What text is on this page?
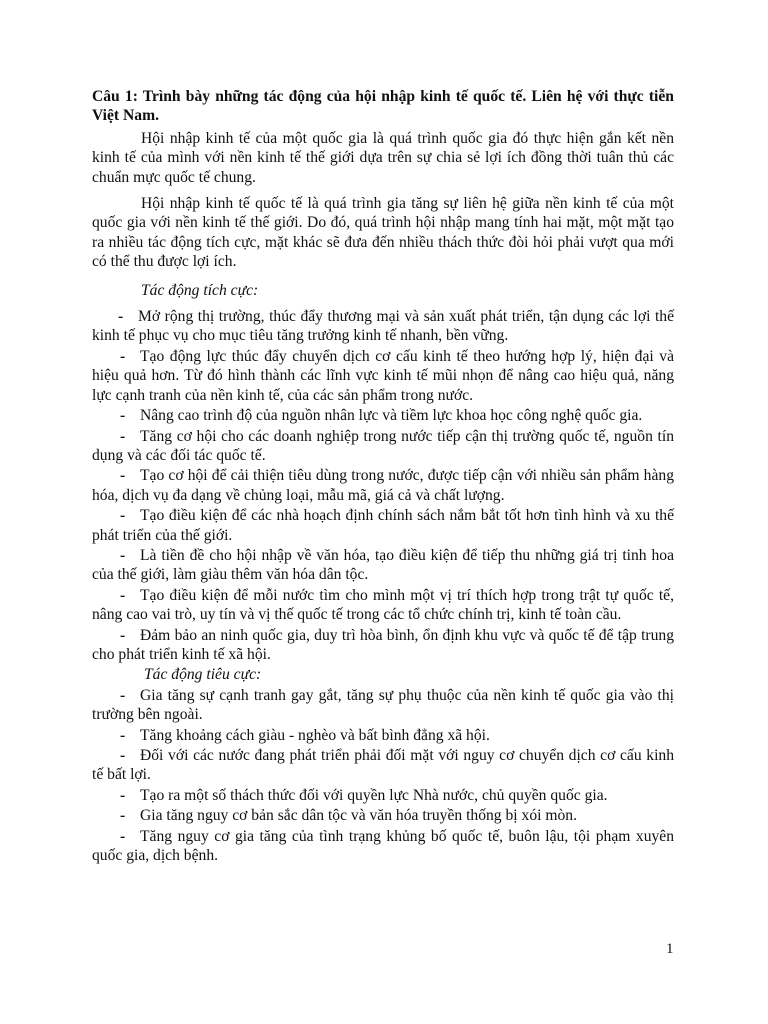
Câu 1: Trình bày những tác động của hội nhập kinh tế quốc tế. Liên hệ với thực tiễn Việt Nam.

Hội nhập kinh tế của một quốc gia là quá trình quốc gia đó thực hiện gắn kết nền kinh tế của mình với nền kinh tế thế giới dựa trên sự chia sẻ lợi ích đồng thời tuân thủ các chuẩn mực quốc tế chung.

Hội nhập kinh tế quốc tế là quá trình gia tăng sự liên hệ giữa nền kinh tế của một quốc gia với nền kinh tế thế giới. Do đó, quá trình hội nhập mang tính hai mặt, một mặt tạo ra nhiều tác động tích cực, mặt khác sẽ đưa đến nhiều thách thức đòi hỏi phải vượt qua mới có thể thu được lợi ích.

Tác động tích cực:

- Mở rộng thị trường, thúc đẩy thương mại và sản xuất phát triển, tận dụng các lợi thế kinh tế phục vụ cho mục tiêu tăng trưởng kinh tế nhanh, bền vững.
- Tạo động lực thúc đẩy chuyển dịch cơ cấu kinh tế theo hướng hợp lý, hiện đại và hiệu quả hơn. Từ đó hình thành các lĩnh vực kinh tế mũi nhọn để nâng cao hiệu quả, năng lực cạnh tranh của nền kinh tế, của các sản phẩm trong nước.
- Nâng cao trình độ của nguồn nhân lực và tiềm lực khoa học công nghệ quốc gia.
- Tăng cơ hội cho các doanh nghiệp trong nước tiếp cận thị trường quốc tế, nguồn tín dụng và các đối tác quốc tế.
- Tạo cơ hội để cải thiện tiêu dùng trong nước, được tiếp cận với nhiều sản phẩm hàng hóa, dịch vụ đa dạng về chủng loại, mẫu mã, giá cả và chất lượng.
- Tạo điều kiện để các nhà hoạch định chính sách nắm bắt tốt hơn tình hình và xu thế phát triển của thế giới.
- Là tiền đề cho hội nhập về văn hóa, tạo điều kiện để tiếp thu những giá trị tinh hoa của thế giới, làm giàu thêm văn hóa dân tộc.
- Tạo điều kiện để mỗi nước tìm cho mình một vị trí thích hợp trong trật tự quốc tế, nâng cao vai trò, uy tín và vị thế quốc tế trong các tổ chức chính trị, kinh tế toàn cầu.
- Đảm bảo an ninh quốc gia, duy trì hòa bình, ổn định khu vực và quốc tế để tập trung cho phát triển kinh tế xã hội.

Tác động tiêu cực:

- Gia tăng sự cạnh tranh gay gắt, tăng sự phụ thuộc của nền kinh tế quốc gia vào thị trường bên ngoài.
- Tăng khoảng cách giàu - nghèo và bất bình đẳng xã hội.
- Đối với các nước đang phát triển phải đối mặt với nguy cơ chuyển dịch cơ cấu kinh tế bất lợi.
- Tạo ra một số thách thức đối với quyền lực Nhà nước, chủ quyền quốc gia.
- Gia tăng nguy cơ bản sắc dân tộc và văn hóa truyền thống bị xói mòn.
- Tăng nguy cơ gia tăng của tình trạng khủng bố quốc tế, buôn lậu, tội phạm xuyên quốc gia, dịch bệnh.
1
